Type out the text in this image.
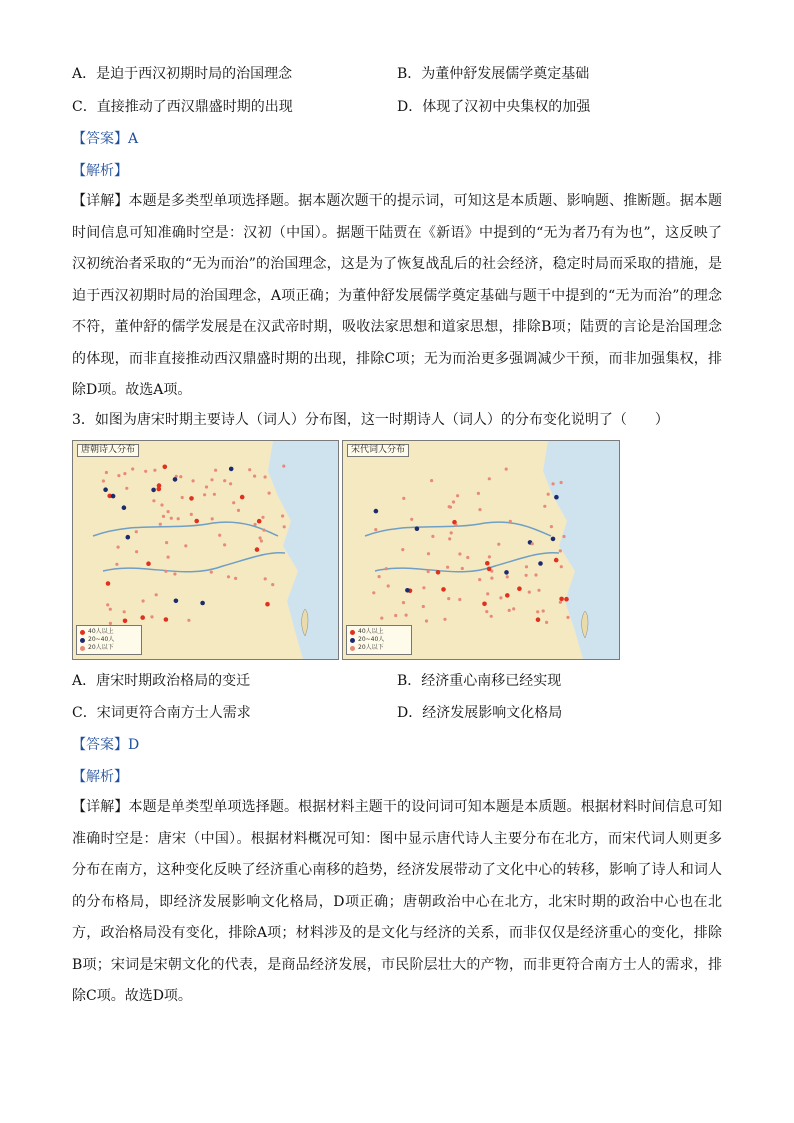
A．是迫于西汉初期时局的治国理念	B．为董仲舒发展儒学奠定基础
C．直接推动了西汉鼎盛时期的出现	D．体现了汉初中央集权的加强
【答案】A
【解析】
【详解】本题是多类型单项选择题。据本题次题干的提示词，可知这是本质题、影响题、推断题。据本题时间信息可知准确时空是：汉初（中国）。据题干陆贾在《新语》中提到的“无为者乃有为也”，这反映了汉初统治者采取的“无为而治”的治国理念，这是为了恢复战乱后的社会经济，稳定时局而采取的措施，是迫于西汉初期时局的治国理念，A项正确；为董仲舒发展儒学奠定基础与题干中提到的“无为而治”的理念不符，董仲舒的儒学发展是在汉武帝时期，吸收法家思想和道家思想，排除B项；陆贾的言论是治国理念的体现，而非直接推动西汉鼎盛时期的出现，排除C项；无为而治更多强调减少干预，而非加强集权，排除D项。故选A项。
3．如图为唐宋时期主要诗人（词人）分布图，这一时期诗人（词人）的分布变化说明了（　　）
唐朝诗人分布
40人以上
20~40人
20人以下
宋代词人分布
40人以上
20~40人
20人以下
A．唐宋时期政治格局的变迁	B．经济重心南移已经实现
C．宋词更符合南方士人需求	D．经济发展影响文化格局
【答案】D
【解析】
【详解】本题是单类型单项选择题。根据材料主题干的设问词可知本题是本质题。根据材料时间信息可知准确时空是：唐宋（中国）。根据材料概况可知：图中显示唐代诗人主要分布在北方，而宋代词人则更多分布在南方，这种变化反映了经济重心南移的趋势，经济发展带动了文化中心的转移，影响了诗人和词人的分布格局，即经济发展影响文化格局，D项正确；唐朝政治中心在北方，北宋时期的政治中心也在北方，政治格局没有变化，排除A项；材料涉及的是文化与经济的关系，而非仅仅是经济重心的变化，排除B项；宋词是宋朝文化的代表，是商品经济发展，市民阶层壮大的产物，而非更符合南方士人的需求，排除C项。故选D项。
